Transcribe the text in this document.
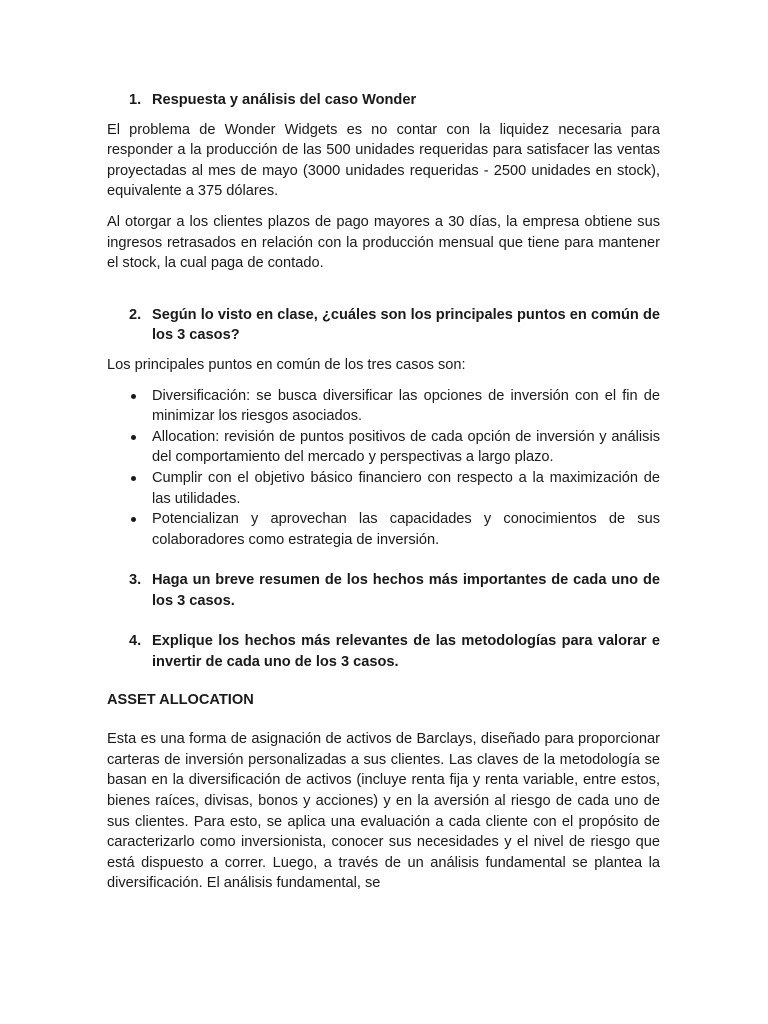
1. Respuesta y análisis del caso Wonder

El problema de Wonder Widgets es no contar con la liquidez necesaria para responder a la producción de las 500 unidades requeridas para satisfacer las ventas proyectadas al mes de mayo (3000 unidades requeridas - 2500 unidades en stock), equivalente a 375 dólares.

Al otorgar a los clientes plazos de pago mayores a 30 días, la empresa obtiene sus ingresos retrasados en relación con la producción mensual que tiene para mantener el stock, la cual paga de contado.

2. Según lo visto en clase, ¿cuáles son los principales puntos en común de los 3 casos?

Los principales puntos en común de los tres casos son:

Diversificación: se busca diversificar las opciones de inversión con el fin de minimizar los riesgos asociados.
Allocation: revisión de puntos positivos de cada opción de inversión y análisis del comportamiento del mercado y perspectivas a largo plazo.
Cumplir con el objetivo básico financiero con respecto a la maximización de las utilidades.
Potencializan y aprovechan las capacidades y conocimientos de sus colaboradores como estrategia de inversión.
3. Haga un breve resumen de los hechos más importantes de cada uno de los 3 casos.
4. Explique los hechos más relevantes de las metodologías para valorar e invertir de cada uno de los 3 casos.

ASSET ALLOCATION

Esta es una forma de asignación de activos de Barclays, diseñado para proporcionar carteras de inversión personalizadas a sus clientes. Las claves de la metodología se basan en la diversificación de activos (incluye renta fija y renta variable, entre estos, bienes raíces, divisas, bonos y acciones) y en la aversión al riesgo de cada uno de sus clientes. Para esto, se aplica una evaluación a cada cliente con el propósito de caracterizarlo como inversionista, conocer sus necesidades y el nivel de riesgo que está dispuesto a correr. Luego, a través de un análisis fundamental se plantea la diversificación. El análisis fundamental, se
